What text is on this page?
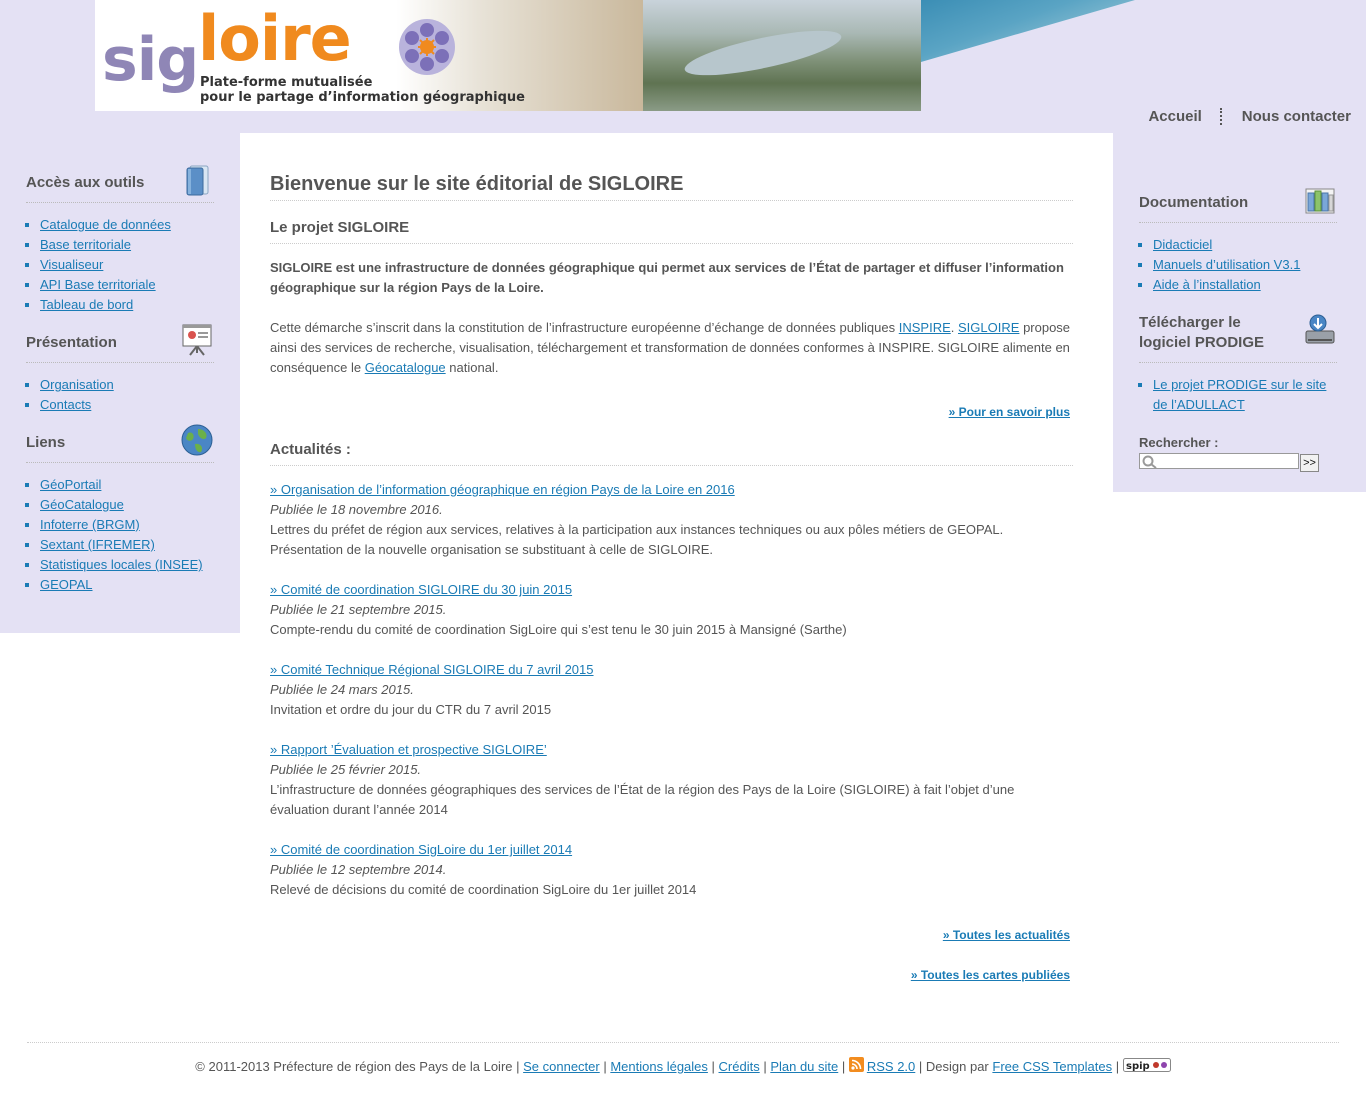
sig loire
Plate-forme mutualisée
pour le partage d’information géographique
Accueil	Nous contacter
Accès aux outils
▪ Catalogue de données
▪ Base territoriale
▪ Visualiseur
▪ API Base territoriale
▪ Tableau de bord
Présentation
▪ Organisation
▪ Contacts
Liens
▪ GéoPortail
▪ GéoCatalogue
▪ Infoterre (BRGM)
▪ Sextant (IFREMER)
▪ Statistiques locales (INSEE)
▪ GEOPAL
Bienvenue sur le site éditorial de SIGLOIRE
Le projet SIGLOIRE

SIGLOIRE est une infrastructure de données géographique qui permet aux services de l’État de partager et diffuser l’information géographique sur la région Pays de la Loire.

Cette démarche s’inscrit dans la constitution de l’infrastructure européenne d’échange de données publiques INSPIRE. SIGLOIRE propose ainsi des services de recherche, visualisation, téléchargement et transformation de données conformes à INSPIRE. SIGLOIRE alimente en conséquence le Géocatalogue national.

» Pour en savoir plus
Actualités :

» Organisation de l’information géographique en région Pays de la Loire en 2016

Publiée le 18 novembre 2016.

Lettres du préfet de région aux services, relatives à la participation aux instances techniques ou aux pôles métiers de GEOPAL. Présentation de la nouvelle organisation se substituant à celle de SIGLOIRE.

» Comité de coordination SIGLOIRE du 30 juin 2015

Publiée le 21 septembre 2015.

Compte-rendu du comité de coordination SigLoire qui s’est tenu le 30 juin 2015 à Mansigné (Sarthe)

» Comité Technique Régional SIGLOIRE du 7 avril 2015

Publiée le 24 mars 2015.

Invitation et ordre du jour du CTR du 7 avril 2015

» Rapport ’Évaluation et prospective SIGLOIRE’

Publiée le 25 février 2015.

L’infrastructure de données géographiques des services de l’État de la région des Pays de la Loire (SIGLOIRE) à fait l’objet d’une évaluation durant l’année 2014

» Comité de coordination SigLoire du 1er juillet 2014

Publiée le 12 septembre 2014.

Relevé de décisions du comité de coordination SigLoire du 1er juillet 2014

» Toutes les actualités
» Toutes les cartes publiées
Documentation
▪ Didacticiel
▪ Manuels d’utilisation V3.1
▪ Aide à l’installation
Télécharger le logiciel PRODIGE
▪ Le projet PRODIGE sur le site de l’ADULLACT
Rechercher :
>>
© 2011-2013 Préfecture de région des Pays de la Loire | Se connecter | Mentions légales | Crédits | Plan du site | RSS 2.0 | Design par Free CSS Templates | spip
